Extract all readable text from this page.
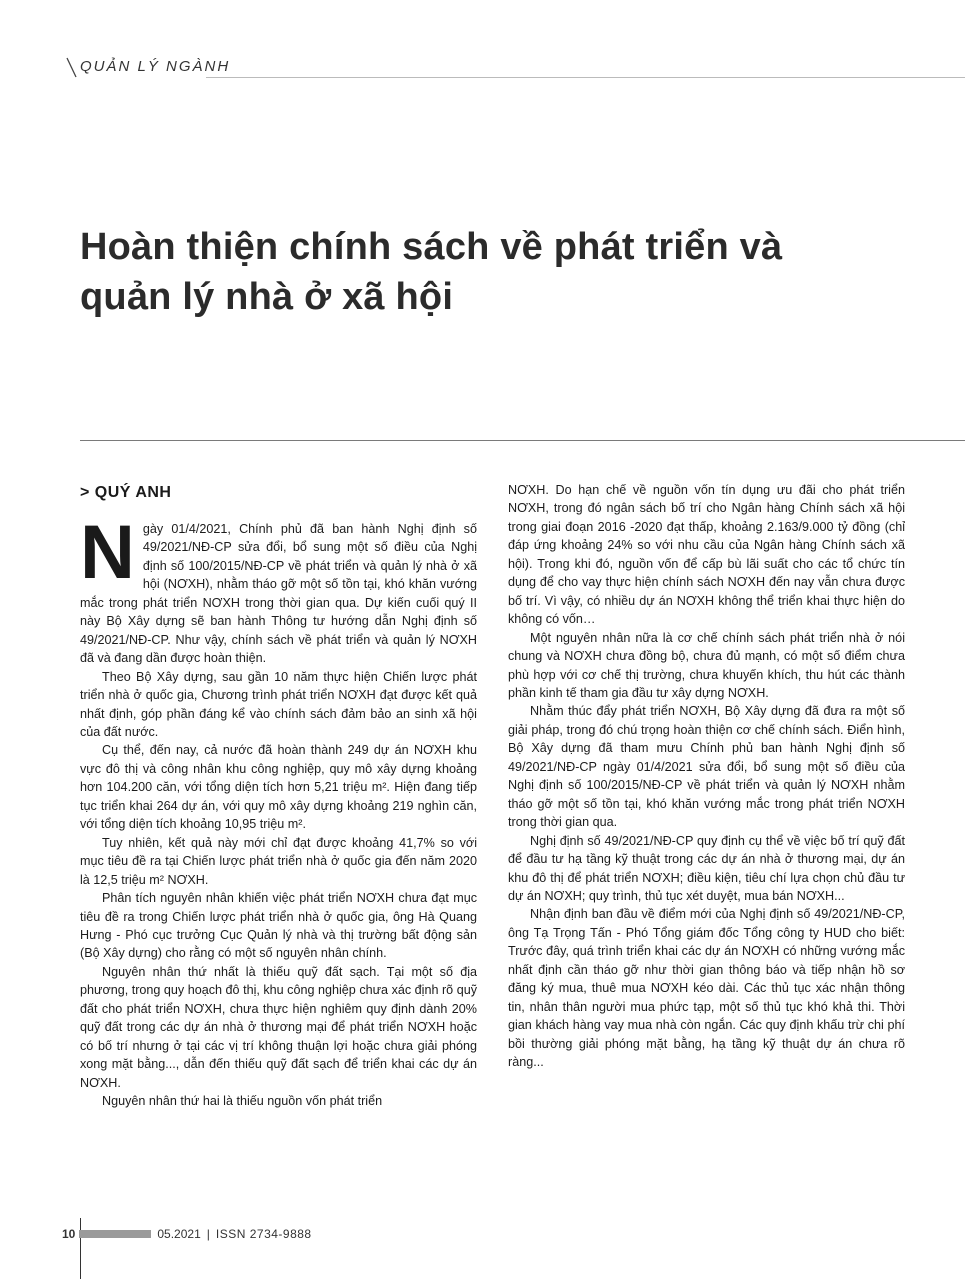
QUẢN LÝ NGÀNH
Hoàn thiện chính sách về phát triển và quản lý nhà ở xã hội
> QUÝ ANH

Ngày 01/4/2021, Chính phủ đã ban hành Nghị định số 49/2021/NĐ-CP sửa đổi, bổ sung một số điều của Nghị định số 100/2015/NĐ-CP về phát triển và quản lý nhà ở xã hội (NƠXH), nhằm tháo gỡ một số tồn tại, khó khăn vướng mắc trong phát triển NƠXH trong thời gian qua. Dự kiến cuối quý II này Bộ Xây dựng sẽ ban hành Thông tư hướng dẫn Nghị định số 49/2021/NĐ-CP. Như vậy, chính sách về phát triển và quản lý NƠXH đã và đang dần được hoàn thiện.

Theo Bộ Xây dựng, sau gần 10 năm thực hiện Chiến lược phát triển nhà ở quốc gia, Chương trình phát triển NƠXH đạt được kết quả nhất định, góp phần đáng kể vào chính sách đảm bảo an sinh xã hội của đất nước.

Cụ thể, đến nay, cả nước đã hoàn thành 249 dự án NƠXH khu vực đô thị và công nhân khu công nghiệp, quy mô xây dựng khoảng hơn 104.200 căn, với tổng diện tích hơn 5,21 triệu m². Hiện đang tiếp tục triển khai 264 dự án, với quy mô xây dựng khoảng 219 nghìn căn, với tổng diện tích khoảng 10,95 triệu m².

Tuy nhiên, kết quả này mới chỉ đạt được khoảng 41,7% so với mục tiêu đề ra tại Chiến lược phát triển nhà ở quốc gia đến năm 2020 là 12,5 triệu m² NƠXH.

Phân tích nguyên nhân khiến việc phát triển NƠXH chưa đạt mục tiêu đề ra trong Chiến lược phát triển nhà ở quốc gia, ông Hà Quang Hưng - Phó cục trưởng Cục Quản lý nhà và thị trường bất động sản (Bộ Xây dựng) cho rằng có một số nguyên nhân chính.

Nguyên nhân thứ nhất là thiếu quỹ đất sạch. Tại một số địa phương, trong quy hoạch đô thị, khu công nghiệp chưa xác định rõ quỹ đất cho phát triển NƠXH, chưa thực hiện nghiêm quy định dành 20% quỹ đất trong các dự án nhà ở thương mại để phát triển NƠXH hoặc có bố trí nhưng ở tại các vị trí không thuận lợi hoặc chưa giải phóng xong mặt bằng..., dẫn đến thiếu quỹ đất sạch để triển khai các dự án NƠXH.

Nguyên nhân thứ hai là thiếu nguồn vốn phát triển

NƠXH. Do hạn chế về nguồn vốn tín dụng ưu đãi cho phát triển NƠXH, trong đó ngân sách bố trí cho Ngân hàng Chính sách xã hội trong giai đoạn 2016 -2020 đạt thấp, khoảng 2.163/9.000 tỷ đồng (chỉ đáp ứng khoảng 24% so với nhu cầu của Ngân hàng Chính sách xã hội). Trong khi đó, nguồn vốn để cấp bù lãi suất cho các tổ chức tín dụng để cho vay thực hiện chính sách NƠXH đến nay vẫn chưa được bố trí. Vì vậy, có nhiều dự án NƠXH không thể triển khai thực hiện do không có vốn…

Một nguyên nhân nữa là cơ chế chính sách phát triển nhà ở nói chung và NƠXH chưa đồng bộ, chưa đủ mạnh, có một số điểm chưa phù hợp với cơ chế thị trường, chưa khuyến khích, thu hút các thành phần kinh tế tham gia đầu tư xây dựng NƠXH.

Nhằm thúc đẩy phát triển NƠXH, Bộ Xây dựng đã đưa ra một số giải pháp, trong đó chú trọng hoàn thiện cơ chế chính sách. Điển hình, Bộ Xây dựng đã tham mưu Chính phủ ban hành Nghị định số 49/2021/NĐ-CP ngày 01/4/2021 sửa đổi, bổ sung một số điều của Nghị định số 100/2015/NĐ-CP về phát triển và quản lý NƠXH nhằm tháo gỡ một số tồn tại, khó khăn vướng mắc trong phát triển NƠXH trong thời gian qua.

Nghị định số 49/2021/NĐ-CP quy định cụ thể về việc bố trí quỹ đất để đầu tư hạ tầng kỹ thuật trong các dự án nhà ở thương mại, dự án khu đô thị để phát triển NƠXH; điều kiện, tiêu chí lựa chọn chủ đầu tư dự án NƠXH; quy trình, thủ tục xét duyệt, mua bán NƠXH...

Nhận định ban đầu về điểm mới của Nghị định số 49/2021/NĐ-CP, ông Tạ Trọng Tấn - Phó Tổng giám đốc Tổng công ty HUD cho biết: Trước đây, quá trình triển khai các dự án NƠXH có những vướng mắc nhất định cần tháo gỡ như thời gian thông báo và tiếp nhận hồ sơ đăng ký mua, thuê mua NƠXH kéo dài. Các thủ tục xác nhận thông tin, nhân thân người mua phức tạp, một số thủ tục khó khả thi. Thời gian khách hàng vay mua nhà còn ngắn. Các quy định khấu trừ chi phí bồi thường giải phóng mặt bằng, hạ tầng kỹ thuật dự án chưa rõ ràng...

10	05.2021 | ISSN 2734-9888
